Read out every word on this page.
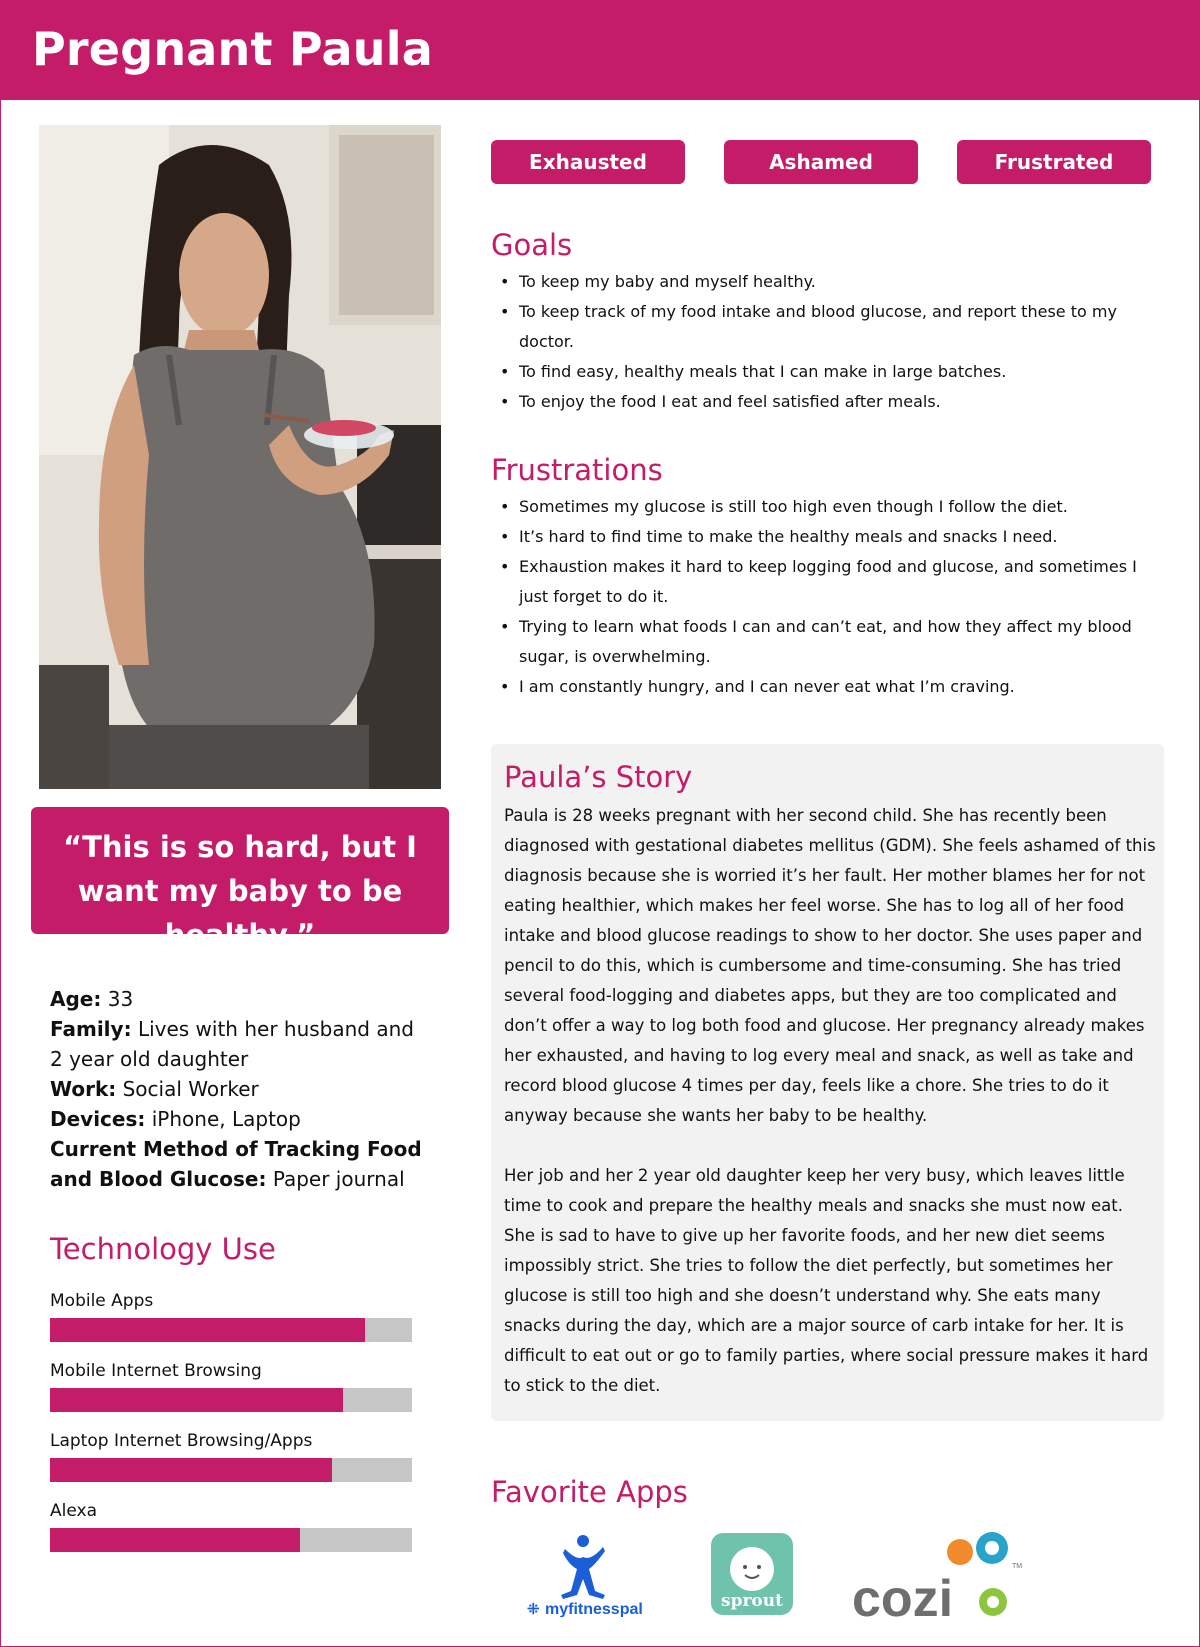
Pregnant Paula
“This is so hard, but I want my baby to be healthy.”
Age: 33
Family: Lives with her husband and 2 year old daughter
Work: Social Worker
Devices: iPhone, Laptop
Current Method of Tracking Food and Blood Glucose: Paper journal
Technology Use
Mobile Apps
Mobile Internet Browsing
Laptop Internet Browsing/Apps
Alexa
Exhausted	Ashamed	Frustrated
Goals
• To keep my baby and myself healthy.
• To keep track of my food intake and blood glucose, and report these to my doctor.
• To find easy, healthy meals that I can make in large batches.
• To enjoy the food I eat and feel satisfied after meals.
Frustrations
• Sometimes my glucose is still too high even though I follow the diet.
• It’s hard to find time to make the healthy meals and snacks I need.
• Exhaustion makes it hard to keep logging food and glucose, and sometimes I just forget to do it.
• Trying to learn what foods I can and can’t eat, and how they affect my blood sugar, is overwhelming.
• I am constantly hungry, and I can never eat what I’m craving.
Paula’s Story

Paula is 28 weeks pregnant with her second child. She has recently been diagnosed with gestational diabetes mellitus (GDM). She feels ashamed of this diagnosis because she is worried it’s her fault. Her mother blames her for not eating healthier, which makes her feel worse. She has to log all of her food intake and blood glucose readings to show to her doctor. She uses paper and pencil to do this, which is cumbersome and time-consuming. She has tried several food-logging and diabetes apps, but they are too complicated and don’t offer a way to log both food and glucose. Her pregnancy already makes her exhausted, and having to log every meal and snack, as well as take and record blood glucose 4 times per day, feels like a chore. She tries to do it anyway because she wants her baby to be healthy.

Her job and her 2 year old daughter keep her very busy, which leaves little time to cook and prepare the healthy meals and snacks she must now eat. She is sad to have to give up her favorite foods, and her new diet seems impossibly strict. She tries to follow the diet perfectly, but sometimes her glucose is still too high and she doesn’t understand why. She eats many snacks during the day, which are a major source of carb intake for her. It is difficult to eat out or go to family parties, where social pressure makes it hard to stick to the diet.

Favorite Apps
⁜ myfitnesspal	sprout cozi
TM
